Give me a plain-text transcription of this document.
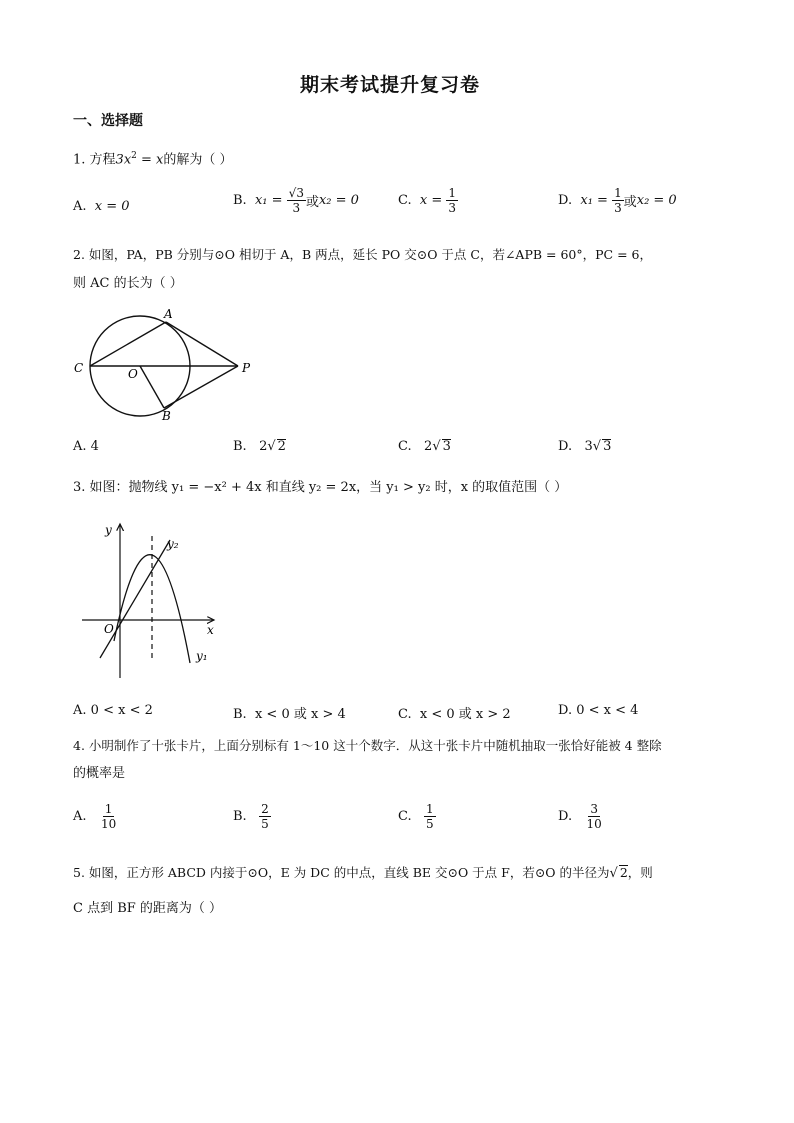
期末考试提升复习卷
一、选择题
1. 方程$3x^2 = x$的解为（ ）
A. x = 0	B. $x_1 = \frac{√3}{3}$ 或x₂ = 0	C. $x = \frac{1}{3}$	D. $x_1 = \frac{1}{3}$ 或x₂ = 0
2. 如图，PA，PB 分别与⊙O 相切于 A，B 两点，延长 PO 交⊙O 于点 C，若∠APB = 60°，PC = 6，
则 AC 的长为（ ）
A
C	O	P
B
A. 4	B. 2√ 2	C. 2√ 3	D. 3√ 3
3. 如图：抛物线 y₁ = −x² + 4x 和直线 y₂ = 2x，当 y₁ > y₂ 时，x 的取值范围（ ）
y
x
O
y₂
y₁
A. 0 < x < 2	B. x < 0 或 x > 4	C. x < 0 或 x > 2	D. 0 < x < 4
4. 小明制作了十张卡片，上面分别标有 1～10 这十个数字．从这十张卡片中随机抽取一张恰好能被 4 整除
的概率是
A. $\frac{1}{10}$	B. $\frac{2}{5}$	C. $\frac{1}{5}$	D. $\frac{3}{10}$
5. 如图，正方形 ABCD 内接于⊙O，E 为 DC 的中点，直线 BE 交⊙O 于点 F，若⊙O 的半径为√ 2，则
C 点到 BF 的距离为（ ）
